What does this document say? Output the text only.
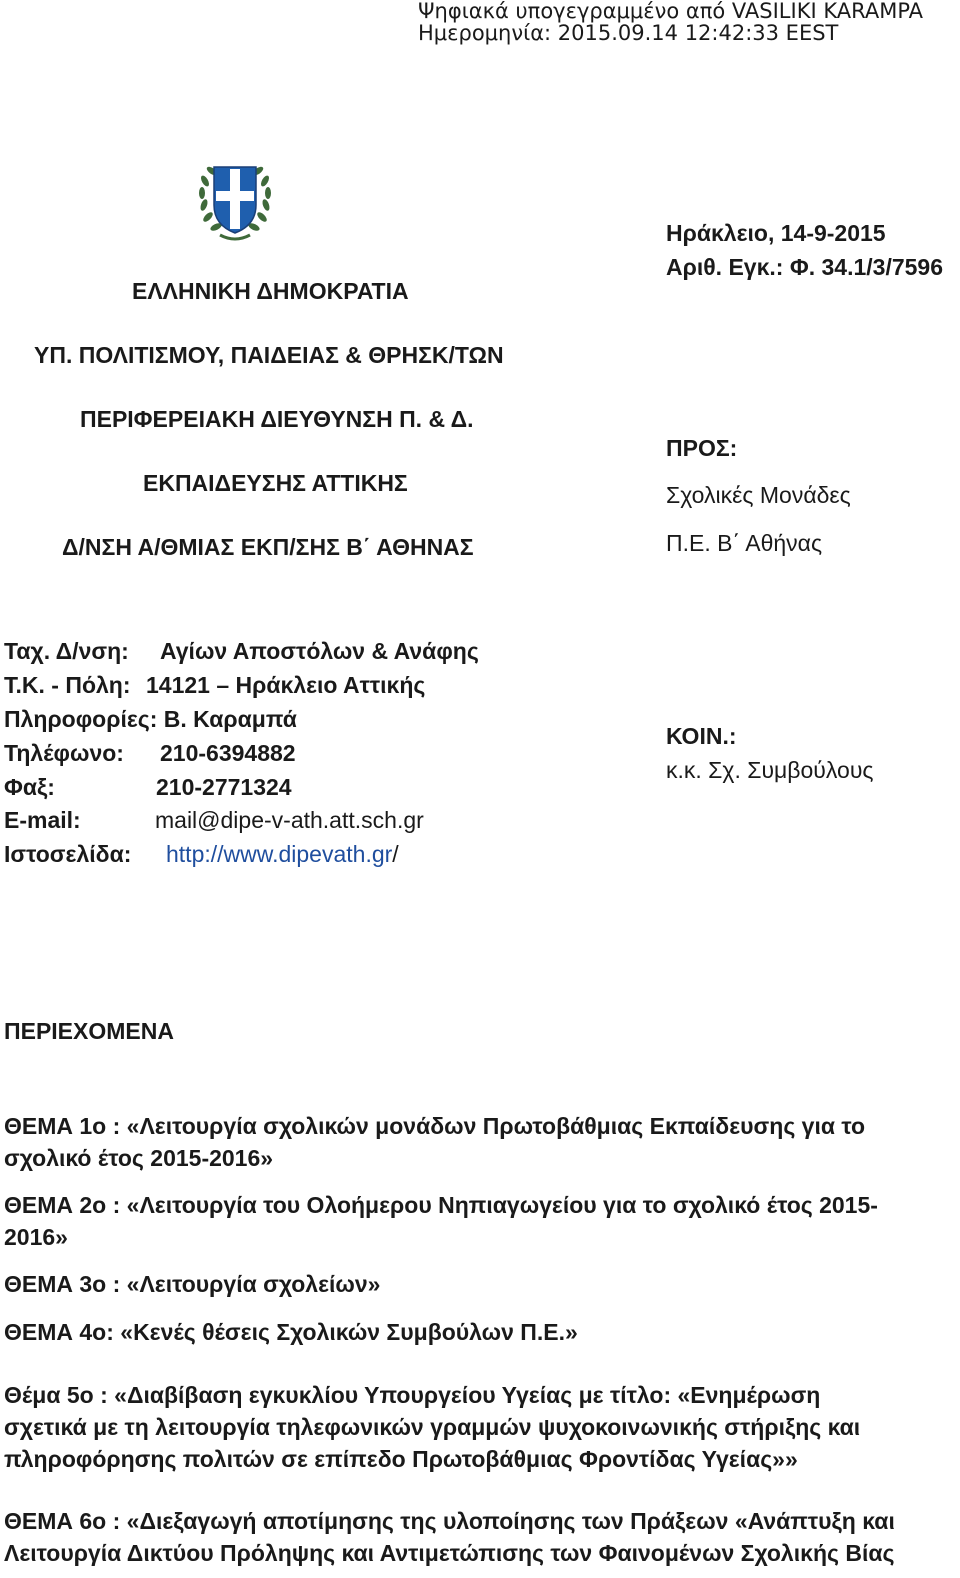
Ψηφιακά υπογεγραμμένο από VASILIKI KARAMPA
Ημερομηνία: 2015.09.14 12:42:33 EEST
ΕΛΛΗΝΙΚΗ ΔΗΜΟΚΡΑΤΙΑ
ΥΠ. ΠΟΛΙΤΙΣΜΟΥ, ΠΑΙΔΕΙΑΣ & ΘΡΗΣΚ/ΤΩΝ
ΠΕΡΙΦΕΡΕΙΑΚΗ ΔΙΕΥΘΥΝΣΗ Π. & Δ.
ΕΚΠΑΙΔΕΥΣΗΣ ΑΤΤΙΚΗΣ
Δ/ΝΣΗ Α/ΘΜΙΑΣ ΕΚΠ/ΣΗΣ Β΄ ΑΘΗΝΑΣ
Ηράκλειο, 14-9-2015
Αριθ. Εγκ.: Φ. 34.1/3/7596
ΠΡΟΣ:
Σχολικές Μονάδες
Π.Ε. Β΄ Αθήνας
Ταχ. Δ/νση: Αγίων Αποστόλων & Ανάφης
Τ.Κ. - Πόλη: 14121 – Ηράκλειο Αττικής
Πληροφορίες: Β. Καραμπά
Τηλέφωνο: 210-6394882
Φαξ:	210-2771324
E-mail:	mail@dipe-v-ath.att.sch.gr
Ιστοσελίδα: http://www.dipevath.gr/
ΚΟΙΝ.:
κ.κ. Σχ. Συμβούλους
ΠΕΡΙΕΧΟΜΕΝΑ
ΘΕΜΑ 1ο : «Λειτουργία σχολικών μονάδων Πρωτοβάθμιας Εκπαίδευσης για το σχολικό έτος 2015-2016»
ΘΕΜΑ 2ο : «Λειτουργία του Ολοήμερου Νηπιαγωγείου για το σχολικό έτος 2015-2016»
ΘΕΜΑ 3ο : «Λειτουργία σχολείων»
ΘΕΜΑ 4ο: «Κενές θέσεις Σχολικών Συμβούλων Π.Ε.»
Θέμα 5ο : «Διαβίβαση εγκυκλίου Υπουργείου Υγείας με τίτλο: «Ενημέρωση σχετικά με τη λειτουργία τηλεφωνικών γραμμών ψυχοκοινωνικής στήριξης και πληροφόρησης πολιτών σε επίπεδο Πρωτοβάθμιας Φροντίδας Υγείας»»
ΘΕΜΑ 6ο : «Διεξαγωγή αποτίμησης της υλοποίησης των Πράξεων «Ανάπτυξη και Λειτουργία Δικτύου Πρόληψης και Αντιμετώπισης των Φαινομένων Σχολικής Βίας
